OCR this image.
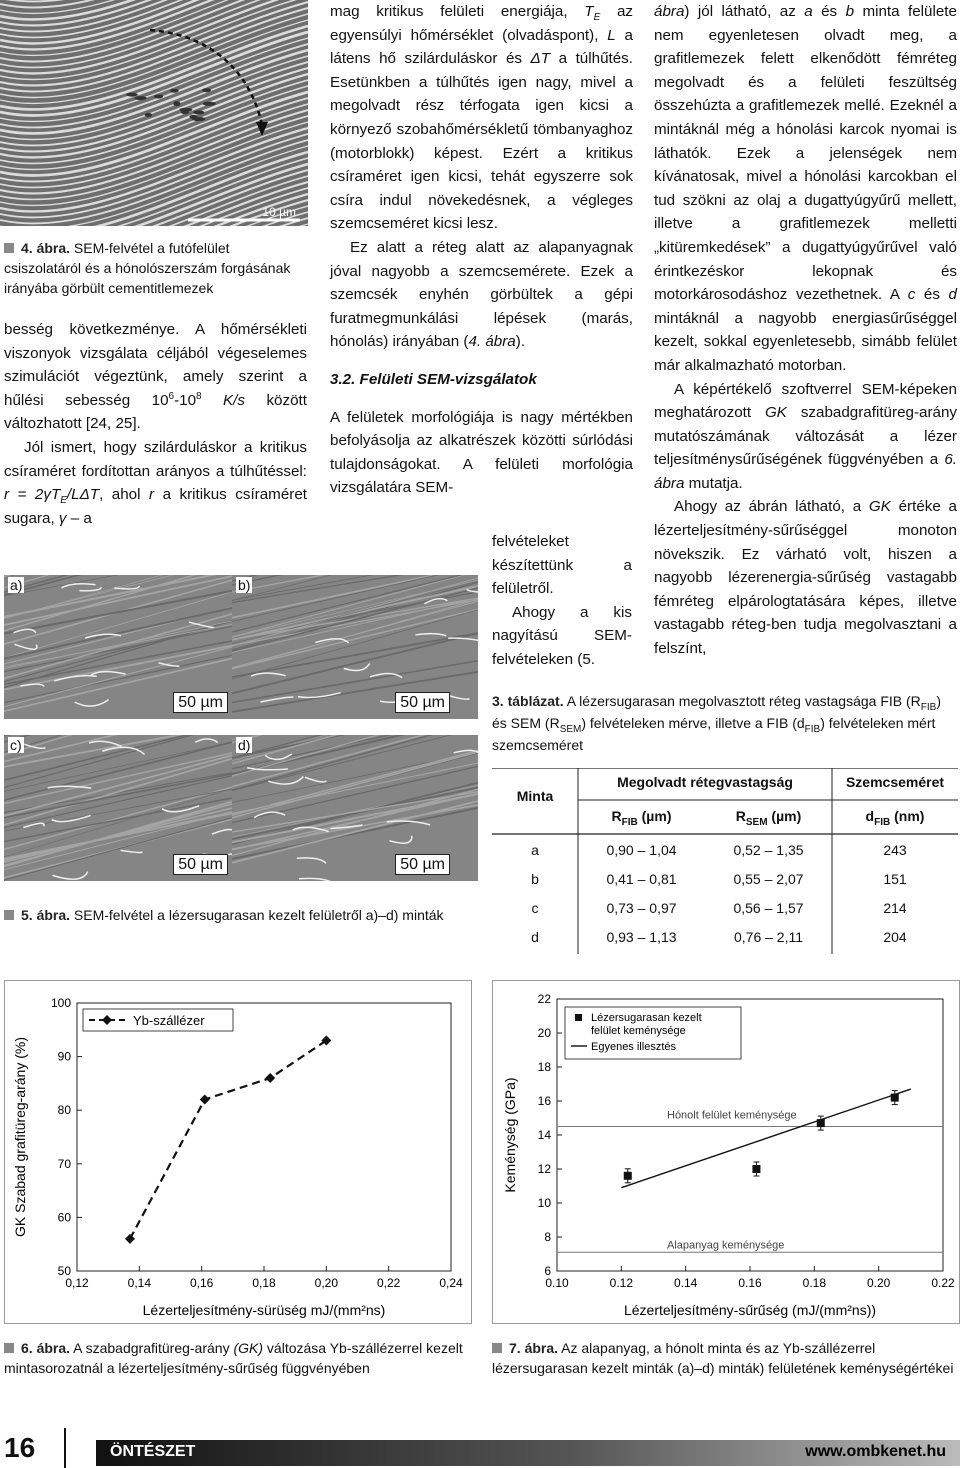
10 µm
4. ábra. SEM-felvétel a futófelület csiszolatáról és a hónolószerszám forgásának irányába görbült cementitlemezek

besség következménye. A hőmérsékleti viszonyok vizsgálata céljából végeselemes szimulációt végeztünk, amely szerint a hűlési sebesség $10^6-10^8$ K/s között változhatott [24, 25].

Jól ismert, hogy szilárduláskor a kritikus csíraméret fordítottan arányos a túlhűtéssel: $r = 2\gamma T_E$/LΔT, ahol r a kritikus csíraméret sugara, γ – a

a)
50 µm
b)
50 µm
c)
50 µm
d)
50 µm
5. ábra. SEM-felvétel a lézersugarasan kezelt felületről a)–d) minták

mag kritikus felületi energiája, $T_E$ az egyensúlyi hőmérséklet (olvadáspont), L a látens hő szilárduláskor és ΔT a túlhűtés. Esetünkben a túlhűtés igen nagy, mivel a megolvadt rész térfogata igen kicsi a környező szobahőmérsékletű tömbanyaghoz (motorblokk) képest. Ezért a kritikus csíraméret igen kicsi, tehát egyszerre sok csíra indul növekedésnek, a végleges szemcseméret kicsi lesz.

Ez alatt a réteg alatt az alapanyagnak jóval nagyobb a szemcsemérete. Ezek a szemcsék enyhén görbültek a gépi furatmegmunkálási lépések (marás, hónolás) irányában (4. ábra).

3.2. Felületi SEM-vizsgálatok

A felületek morfológiája is nagy mértékben befolyásolja az alkatrészek közötti súrlódási tulajdonságokat. A felületi morfológia vizsgálatára SEM-

felvételeket készítettünk a felületről.

Ahogy a kis nagyítású SEM-felvételeken (5.

ábra) jól látható, az a és b minta felülete nem egyenletesen olvadt meg, a grafitlemezek felett elkenődött fémréteg megolvadt és a felületi feszültség összehúzta a grafitlemezek mellé. Ezeknél a mintáknál még a hónolási karcok nyomai is láthatók. Ezek a jelenségek nem kívánatosak, mivel a hónolási karcokban el tud szökni az olaj a dugattyúgyűrű mellett, illetve a grafitlemezek melletti „kitüremkedések” a dugattyúgyűrűvel való érintkezéskor lekopnak és motorkárosodáshoz vezethetnek. A c és d mintáknál a nagyobb energiasűrűséggel kezelt, sokkal egyenletesebb, simább felület már alkalmazható motorban.

A képértékelő szoftverrel SEM-képeken meghatározott GK szabadgrafitüreg-arány mutatószámának változását a lézer teljesítménysűrűségének függvényében a 6. ábra mutatja.

Ahogy az ábrán látható, a GK értéke a lézerteljesítmény-sűrűséggel monoton növekszik. Ez várható volt, hiszen a nagyobb lézerenergia-sűrűség vastagabb fémréteg elpárologtatására képes, illetve vastagabb réteg-ben tudja megolvasztani a felszínt,

3. táblázat. A lézersugarasan megolvasztott réteg vastagsága FIB $(R_{FIB})$ és SEM $(R_{SEM})$ felvételeken mérve, illetve a FIB $(d_{FIB})$ felvételeken mért szemcseméret
Minta
Megolvadt rétegvastagság	Szemcseméret
$R_{FIB}$ (µm)	$R_{SEM}$ (µm)	$d_{FIB}$ (nm)
a	0,90 – 1,04	0,52 – 1,35	243
b	0,41 – 0,81	0,55 – 2,07	151
c	0,73 – 0,97	0,56 – 1,57	214
d	0,93 – 1,13	0,76 – 2,11	204
50
60
70
80
90
100
0,12	0,14	0,16	0,18	0,20	0,22	0,24
Yb-szállézer
Lézerteljesítmény-sürüség mJ/(mm²ns)
GK Szabad grafitüreg-arány (%)
6. ábra. A szabadgrafitüreg-arány (GK) változása Yb-szállézerrel kezelt mintasorozatnál a lézerteljesítmény-sűrűség függvényében
6
8
10
12
14
16
18
20
22
0.10	0.12	0.14	0.16	0.18	0.20	0.22
Hónolt felület keménysége
Alapanyag keménysége
Lézersugarasan kezelt
felület keménysége
Egyenes illesztés
Lézerteljesítmény-sűrűség (mJ/(mm²ns))
Keménység (GPa)
7. ábra. Az alapanyag, a hónolt minta és az Yb-szállézerrel lézersugarasan kezelt minták (a)–d) minták) felületének keménységértékei
16	ÖNTÉSZET	www.ombkenet.hu
